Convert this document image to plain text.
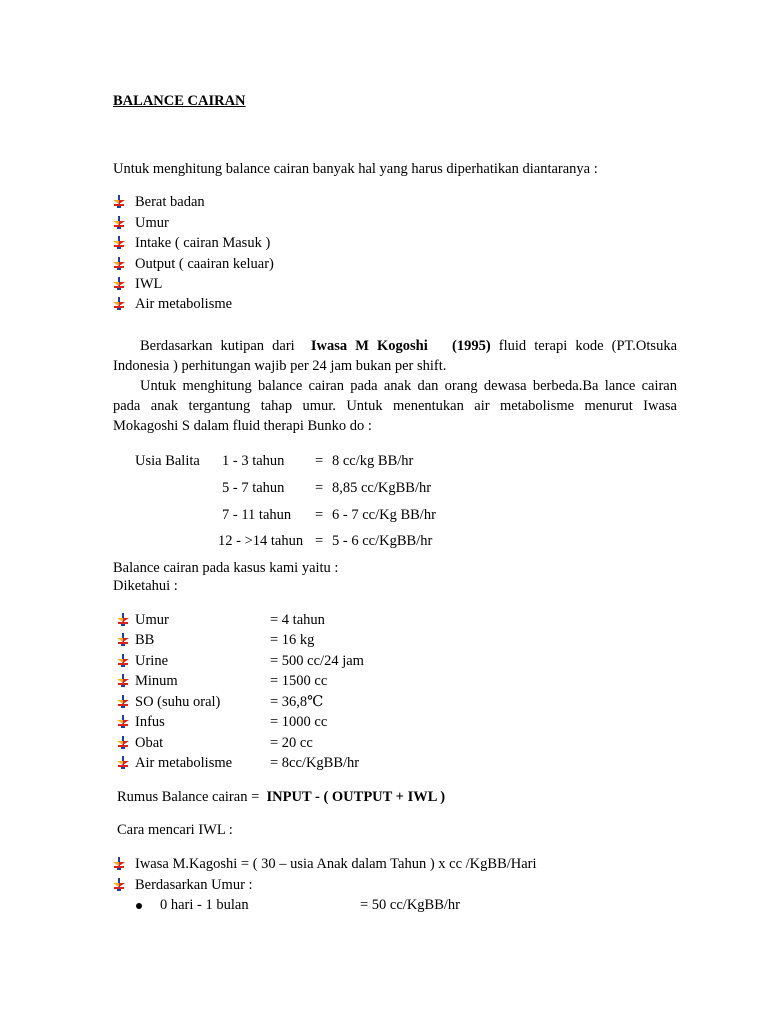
BALANCE CAIRAN
Untuk menghitung balance cairan banyak hal yang harus diperhatikan diantaranya :
Berat badan
Umur
Intake ( cairan Masuk )
Output ( caairan keluar)
IWL
Air metabolisme
Berdasarkan kutipan dari Iwasa M Kogoshi (1995) fluid terapi kode (PT.Otsuka Indonesia ) perhitungan wajib per 24 jam bukan per shift.
Untuk menghitung balance cairan pada anak dan orang dewasa berbeda.Ba lance cairan pada anak tergantung tahap umur. Untuk menentukan air metabolisme menurut Iwasa Mokagoshi S dalam fluid therapi Bunko do :
Usia Balita 1 - 3 tahun = 8 cc/kg BB/hr
5 - 7 tahun = 8,85 cc/KgBB/hr
7 - 11 tahun = 6 - 7 cc/Kg BB/hr
12 - >14 tahun = 5 - 6 cc/KgBB/hr
Balance cairan pada kasus kami yaitu :
Diketahui :
Umur	= 4 tahun
BB	= 16 kg
Urine	= 500 cc/24 jam
Minum	= 1500 cc
SO (suhu oral)	= 36,8℃
Infus	= 1000 cc
Obat	= 20 cc
Air metabolisme	= 8cc/KgBB/hr
Rumus Balance cairan = INPUT - ( OUTPUT + IWL )
Cara mencari IWL :
Iwasa M.Kagoshi = ( 30 – usia Anak dalam Tahun ) x cc /KgBB/Hari
Berdasarkan Umur :
0 hari - 1 bulan	= 50 cc/KgBB/hr
